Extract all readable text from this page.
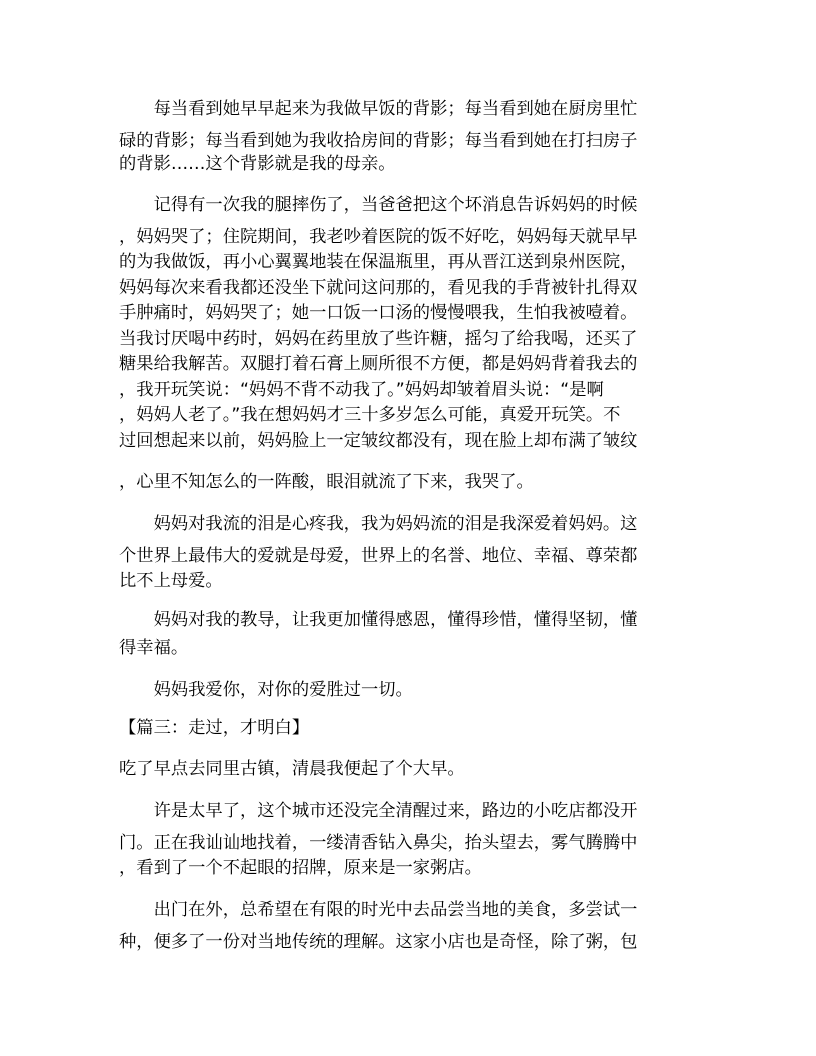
　　每当看到她早早起来为我做早饭的背影；每当看到她在厨房里忙
碌的背影；每当看到她为我收拾房间的背影；每当看到她在打扫房子
的背影……这个背影就是我的母亲。
　　记得有一次我的腿摔伤了，当爸爸把这个坏消息告诉妈妈的时候
，妈妈哭了；住院期间，我老吵着医院的饭不好吃，妈妈每天就早早
的为我做饭，再小心翼翼地装在保温瓶里，再从晋江送到泉州医院，
妈妈每次来看我都还没坐下就问这问那的，看见我的手背被针扎得双
手肿痛时，妈妈哭了；她一口饭一口汤的慢慢喂我，生怕我被噎着。
当我讨厌喝中药时，妈妈在药里放了些许糖，摇匀了给我喝，还买了
糖果给我解苦。双腿打着石膏上厕所很不方便，都是妈妈背着我去的
，我开玩笑说：“妈妈不背不动我了。”妈妈却皱着眉头说：“是啊
，妈妈人老了。”我在想妈妈才三十多岁怎么可能，真爱开玩笑。不
过回想起来以前，妈妈脸上一定皱纹都没有，现在脸上却布满了皱纹
，心里不知怎么的一阵酸，眼泪就流了下来，我哭了。
　　妈妈对我流的泪是心疼我，我为妈妈流的泪是我深爱着妈妈。这
个世界上最伟大的爱就是母爱，世界上的名誉、地位、幸福、尊荣都
比不上母爱。
　　妈妈对我的教导，让我更加懂得感恩，懂得珍惜，懂得坚韧，懂
得幸福。
　　妈妈我爱你，对你的爱胜过一切。
【篇三：走过，才明白】
吃了早点去同里古镇，清晨我便起了个大早。
　　许是太早了，这个城市还没完全清醒过来，路边的小吃店都没开
门。正在我讪讪地找着，一缕清香钻入鼻尖，抬头望去，雾气腾腾中
，看到了一个不起眼的招牌，原来是一家粥店。
　　出门在外，总希望在有限的时光中去品尝当地的美食，多尝试一
种，便多了一份对当地传统的理解。这家小店也是奇怪，除了粥，包
